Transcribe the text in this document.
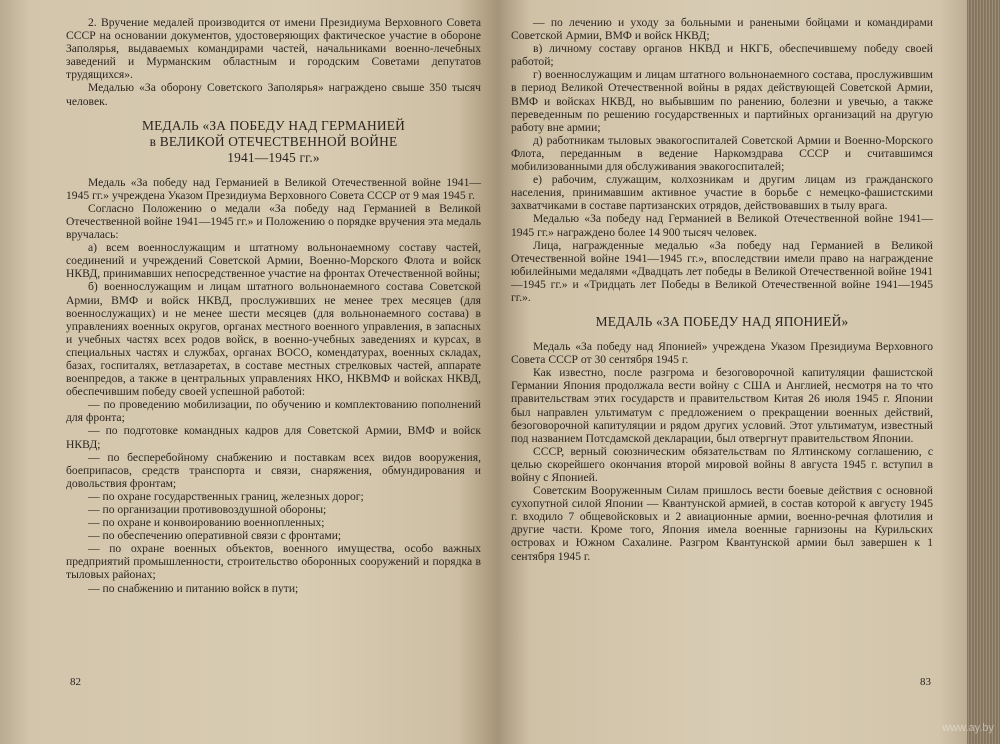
2. Вручение медалей производится от имени Президиума Верховного Совета СССР на основании документов, удостоверяющих фактическое участие в обороне Заполярья, выдаваемых командирами частей, начальниками военно-лечебных заведений и Мурманским областным и городским Советами депутатов трудящихся».

Медалью «За оборону Советского Заполярья» награждено свыше 350 тысяч человек.

МЕДАЛЬ «ЗА ПОБЕДУ НАД ГЕРМАНИЕЙ
в ВЕЛИКОЙ ОТЕЧЕСТВЕННОЙ ВОЙНЕ
1941—1945 гг.»

Медаль «За победу над Германией в Великой Отечественной войне 1941—1945 гг.» учреждена Указом Президиума Верховного Совета СССР от 9 мая 1945 г.

Согласно Положению о медали «За победу над Германией в Великой Отечественной войне 1941—1945 гг.» и Положению о порядке вручения эта медаль вручалась:

а) всем военнослужащим и штатному вольнонаемному составу частей, соединений и учреждений Советской Армии, Военно-Морского Флота и войск НКВД, принимавших непосредственное участие на фронтах Отечественной войны;

б) военнослужащим и лицам штатного вольнонаемного состава Советской Армии, ВМФ и войск НКВД, прослуживших не менее трех месяцев (для военнослужащих) и не менее шести месяцев (для вольнонаемного состава) в управлениях военных округов, органах местного военного управления, в запасных и учебных частях всех родов войск, в военно-учебных заведениях и курсах, в специальных частях и службах, органах ВОСО, комендатурах, военных складах, базах, госпиталях, ветлазаретах, в составе местных стрелковых частей, аппарате военпредов, а также в центральных управлениях НКО, НКВМФ и войсках НКВД, обеспечившим победу своей успешной работой:

— по проведению мобилизации, по обучению и комплектованию пополнений для фронта;

— по подготовке командных кадров для Советской Армии, ВМФ и войск НКВД;

— по бесперебойному снабжению и поставкам всех видов вооружения, боеприпасов, средств транспорта и связи, снаряжения, обмундирования и довольствия фронтам;

— по охране государственных границ, железных дорог;

— по организации противовоздушной обороны;

— по охране и конвоированию военнопленных;

— по обеспечению оперативной связи с фронтами;

— по охране военных объектов, военного имущества, особо важных предприятий промышленности, строительство оборонных сооружений и порядка в тыловых районах;

— по снабжению и питанию войск в пути;

82

— по лечению и уходу за больными и ранеными бойцами и командирами Советской Армии, ВМФ и войск НКВД;

в) личному составу органов НКВД и НКГБ, обеспечившему победу своей работой;

г) военнослужащим и лицам штатного вольнонаемного состава, прослужившим в период Великой Отечественной войны в рядах действующей Советской Армии, ВМФ и войсках НКВД, но выбывшим по ранению, болезни и увечью, а также переведенным по решению государственных и партийных организаций на другую работу вне армии;

д) работникам тыловых эвакогоспиталей Советской Армии и Военно-Морского Флота, переданным в ведение Наркомздрава СССР и считавшимся мобилизованными для обслуживания эвакогоспиталей;

е) рабочим, служащим, колхозникам и другим лицам из гражданского населения, принимавшим активное участие в борьбе с немецко-фашистскими захватчиками в составе партизанских отрядов, действовавших в тылу врага.

Медалью «За победу над Германией в Великой Отечественной войне 1941—1945 гг.» награждено более 14 900 тысяч человек.

Лица, награжденные медалью «За победу над Германией в Великой Отечественной войне 1941—1945 гг.», впоследствии имели право на награждение юбилейными медалями «Двадцать лет победы в Великой Отечественной войне 1941—1945 гг.» и «Тридцать лет Победы в Великой Отечественной войне 1941—1945 гг.».

МЕДАЛЬ «ЗА ПОБЕДУ НАД ЯПОНИЕЙ»

Медаль «За победу над Японией» учреждена Указом Президиума Верховного Совета СССР от 30 сентября 1945 г.

Как известно, после разгрома и безоговорочной капитуляции фашистской Германии Япония продолжала вести войну с США и Англией, несмотря на то что правительствам этих государств и правительством Китая 26 июля 1945 г. Японии был направлен ультиматум с предложением о прекращении военных действий, безоговорочной капитуляции и рядом других условий. Этот ультиматум, известный под названием Потсдамской декларации, был отвергнут правительством Японии.

СССР, верный союзническим обязательствам по Ялтинскому соглашению, с целью скорейшего окончания второй мировой войны 8 августа 1945 г. вступил в войну с Японией.

Советским Вооруженным Силам пришлось вести боевые действия с основной сухопутной силой Японии — Квантунской армией, в состав которой к августу 1945 г. входило 7 общевойсковых и 2 авиационные армии, военно-речная флотилия и другие части. Кроме того, Япония имела военные гарнизоны на Курильских островах и Южном Сахалине. Разгром Квантунской армии был завершен к 1 сентября 1945 г.

83
www.ay.by
